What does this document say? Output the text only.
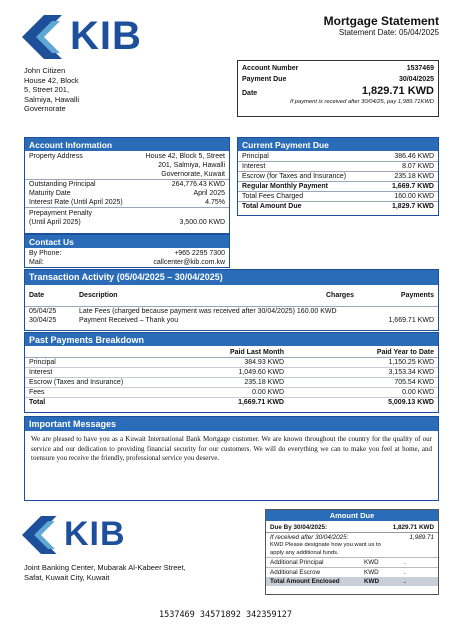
KIB	Mortgage Statement
Statement Date: 05/04/2025
John Citizen
House 42, Block
5, Street 201,
Salmiya, Hawalli
Governorate
Account Number	1537469
Payment Due	30/04/2025
Date	1,829.71 KWD
If payment is received after 30/04/25, pay 1,989.71KWD
Account Information
Property Address	House 42, Block 5, Street
201, Salmiya, Hawalli
Governorate, Kuwait
Outstanding Principal	264,776.43 KWD
Maturity Date	April 2025
Interest Rate (Until April 2025)	4.75%
Prepayment Penalty
(Until April 2025)	3,500.00 KWD
Contact Us
By Phone:	+965 2295 7300
Mail:	callcenter@kib.com.kw
Current Payment Due
Principal	386.46 KWD
Interest	8.07 KWD
Escrow (for Taxes and Insurance)	235.18 KWD
Regular Monthly Payment	1,669.7 KWD
Total Fees Charged	160.00 KWD
Total Amount Due	1,829.7 KWD
Transaction Activity (05/04/2025 – 30/04/2025)
Date	Description	Charges	Payments

05/04/25	Late Fees (charged because payment was received after 30/04/2025) 160.00 KWD		
30/04/25	Payment Received – Thank you		1,669.71 KWD
Past Payments Breakdown
	Paid Last Month	Paid Year to Date
Principal	384.93 KWD	1,150.25 KWD
Interest	1,049.60 KWD	3,153.34 KWD
Escrow (Taxes and Insurance)	235.18 KWD	705.54 KWD
Fees	0.00 KWD	0.00 KWD
Total	1,669.71 KWD	5,009.13 KWD
Important Messages
We are pleased to have you as a Kuwait International Bank Mortgage customer. We are known throughout the country for the quality of our service and our dedication to providing financial security for our customers. We will do everything we can to make you feel at home, and toensure you receive the friendly, professional service you deserve.
KIB
Joint Banking Center, Mubarak Al-Kabeer Street,
Safat, Kuwait City, Kuwait
Amount Due
Due By 30/04/2025:	1,829.71 KWD
If received after 30/04/2025:	1,989.71
KWD Please designate how you want us to apply any additional funds.
Additional Principal	KWD	.
Additional Escrow	KWD	.
Total Amount Enclosed	KWD	.
1537469 34571892 342359127
